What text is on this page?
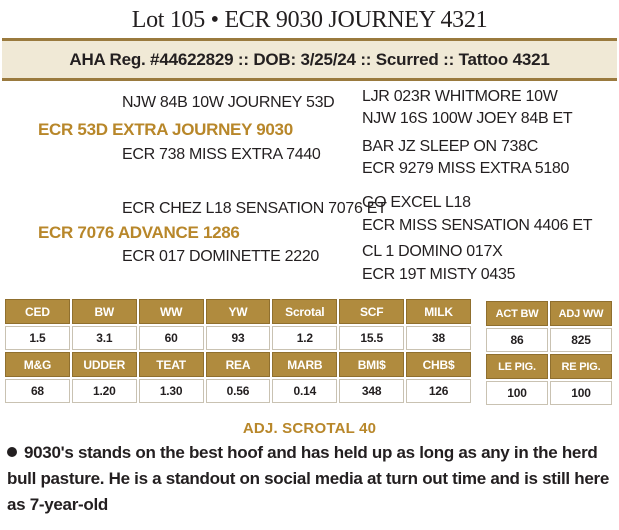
Lot 105 • ECR 9030 JOURNEY 4321
AHA Reg. #44622829 :: DOB: 3/25/24 :: Scurred :: Tattoo 4321
NJW 84B 10W JOURNEY 53D
ECR 53D EXTRA JOURNEY 9030
ECR 738 MISS EXTRA 7440
LJR 023R WHITMORE 10W
NJW 16S 100W JOEY 84B ET
BAR JZ SLEEP ON 738C
ECR 9279 MISS EXTRA 5180
ECR CHEZ L18 SENSATION 7076 ET
ECR 7076 ADVANCE 1286
ECR 017 DOMINETTE 2220
GO EXCEL L18
ECR MISS SENSATION 4406 ET
CL 1 DOMINO 017X
ECR 19T MISTY 0435
CED	BW	WW	YW	Scrotal	SCF	MILK
1.5	3.1	60	93	1.2	15.5	38
M&G	UDDER	TEAT	REA	MARB	BMI$	CHB$
68	1.20	1.30	0.56	0.14	348	126
ACT BW	ADJ WW
86	825
LE PIG.	RE PIG.
100	100
ADJ. SCROTAL 40
9030's stands on the best hoof and has held up as long as any in the herd bull pasture. He is a standout on social media at turn out time and is still here as 7-year-old
